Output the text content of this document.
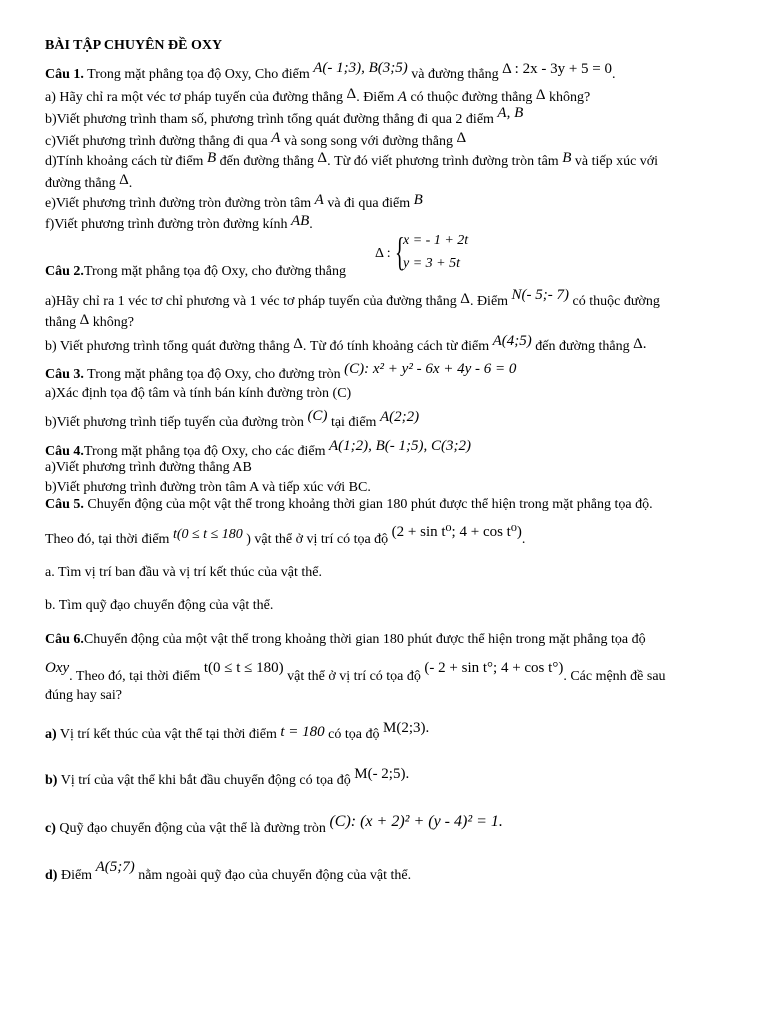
BÀI TẬP CHUYÊN ĐỀ OXY
Câu 1. Trong mặt phẳng tọa độ Oxy, Cho điểm A(- 1;3), B(3;5) và đường thẳng Δ : 2x - 3y + 5 = 0.
a) Hãy chỉ ra một véc tơ pháp tuyến của đường thẳng Δ. Điểm A có thuộc đường thẳng Δ không?
b)Viết phương trình tham số, phương trình tổng quát đường thẳng đi qua 2 điểm A, B
c)Viết phương trình đường thẳng đi qua A và song song với đường thẳng Δ
d)Tính khoảng cách từ điểm B đến đường thẳng Δ. Từ đó viết phương trình đường tròn tâm B và tiếp xúc với
đường thẳng Δ.
e)Viết phương trình đường tròn đường tròn tâm A và đi qua điểm B
f)Viết phương trình đường tròn đường kính AB.
Δ : {
x = - 1 + 2t
y = 3 + 5t
Câu 2.Trong mặt phẳng tọa độ Oxy, cho đường thẳng
a)Hãy chỉ ra 1 véc tơ chỉ phương và 1 véc tơ pháp tuyến của đường thẳng Δ. Điểm N(- 5;- 7) có thuộc đường
thẳng Δ không?
b) Viết phương trình tổng quát đường thẳng Δ. Từ đó tính khoảng cách từ điểm A(4;5) đến đường thẳng Δ.
Câu 3. Trong mặt phẳng tọa độ Oxy, cho đường tròn (C): x² + y² - 6x + 4y - 6 = 0
a)Xác định tọa độ tâm và tính bán kính đường tròn (C)
b)Viết phương trình tiếp tuyến của đường tròn (C) tại điểm A(2;2)
Câu 4.Trong mặt phẳng tọa độ Oxy, cho các điểm A(1;2), B(- 1;5), C(3;2)
a)Viết phương trình đường thẳng AB
b)Viết phương trình đường tròn tâm A và tiếp xúc với BC.
Câu 5. Chuyển động của một vật thể trong khoảng thời gian 180 phút được thể hiện trong mặt phẳng tọa độ.
Theo đó, tại thời điểm t(0 ≤ t ≤ 180 ) vật thể ở vị trí có tọa độ (2 + sin t⁰; 4 + cos t⁰).
a. Tìm vị trí ban đầu và vị trí kết thúc của vật thể.
b. Tìm quỹ đạo chuyển động của vật thể.
Câu 6.Chuyển động của một vật thể trong khoảng thời gian 180 phút được thể hiện trong mặt phẳng tọa độ
Oxy. Theo đó, tại thời điểm t(0 ≤ t ≤ 180) vật thể ở vị trí có tọa độ (- 2 + sin t°; 4 + cos t°). Các mệnh đề sau
đúng hay sai?
a) Vị trí kết thúc của vật thể tại thời điểm t = 180 có tọa độ M(2;3).
b) Vị trí của vật thể khi bắt đầu chuyển động có tọa độ M(- 2;5).
c) Quỹ đạo chuyển động của vật thể là đường tròn (C): (x + 2)² + (y - 4)² = 1.
d) Điểm A(5;7) nằm ngoài quỹ đạo của chuyển động của vật thể.
